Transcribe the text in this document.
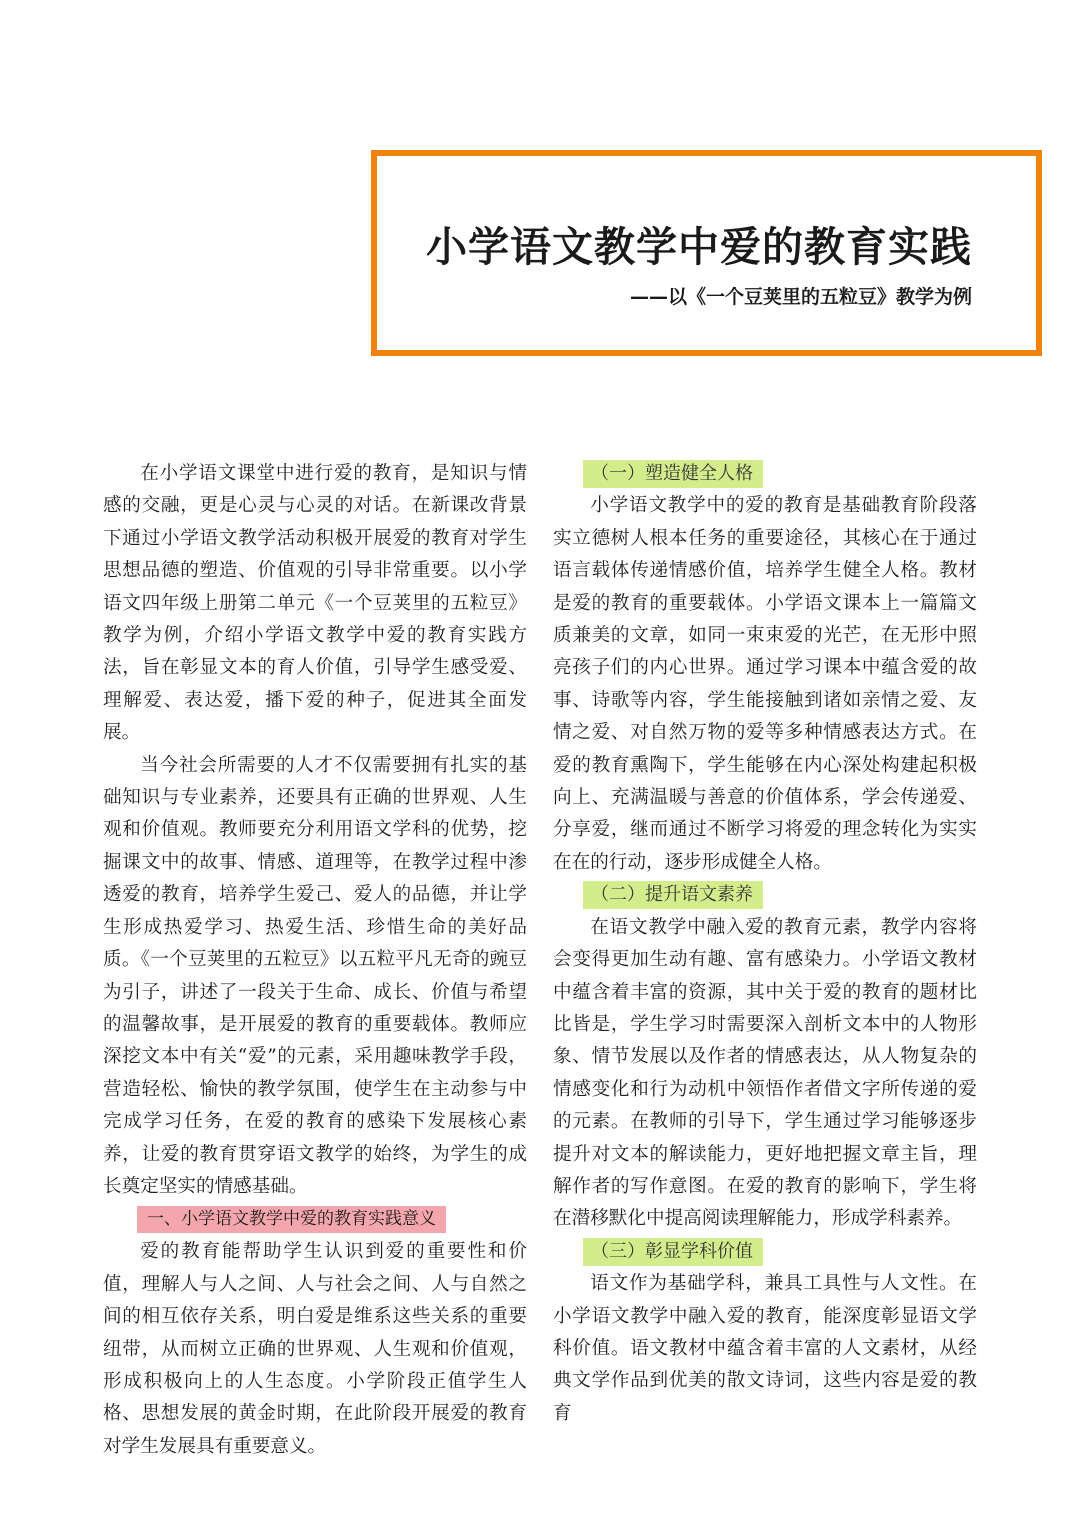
小学语文教学中爱的教育实践

——以《一个豆荚里的五粒豆》教学为例

在小学语文课堂中进行爱的教育，是知识与情感的交融，更是心灵与心灵的对话。在新课改背景下通过小学语文教学活动积极开展爱的教育对学生思想品德的塑造、价值观的引导非常重要。以小学语文四年级上册第二单元《一个豆荚里的五粒豆》教学为例，介绍小学语文教学中爱的教育实践方法，旨在彰显文本的育人价值，引导学生感受爱、理解爱、表达爱，播下爱的种子，促进其全面发展。

当今社会所需要的人才不仅需要拥有扎实的基础知识与专业素养，还要具有正确的世界观、人生观和价值观。教师要充分利用语文学科的优势，挖掘课文中的故事、情感、道理等，在教学过程中渗透爱的教育，培养学生爱己、爱人的品德，并让学生形成热爱学习、热爱生活、珍惜生命的美好品质。《一个豆荚里的五粒豆》以五粒平凡无奇的豌豆为引子，讲述了一段关于生命、成长、价值与希望的温馨故事，是开展爱的教育的重要载体。教师应深挖文本中有关“爱”的元素，采用趣味教学手段，营造轻松、愉快的教学氛围，使学生在主动参与中完成学习任务，在爱的教育的感染下发展核心素养，让爱的教育贯穿语文教学的始终，为学生的成长奠定坚实的情感基础。

一、小学语文教学中爱的教育实践意义

爱的教育能帮助学生认识到爱的重要性和价值，理解人与人之间、人与社会之间、人与自然之间的相互依存关系，明白爱是维系这些关系的重要纽带，从而树立正确的世界观、人生观和价值观，形成积极向上的人生态度。小学阶段正值学生人格、思想发展的黄金时期，在此阶段开展爱的教育对学生发展具有重要意义。

（一）塑造健全人格

小学语文教学中的爱的教育是基础教育阶段落实立德树人根本任务的重要途径，其核心在于通过语言载体传递情感价值，培养学生健全人格。教材是爱的教育的重要载体。小学语文课本上一篇篇文质兼美的文章，如同一束束爱的光芒，在无形中照亮孩子们的内心世界。通过学习课本中蕴含爱的故事、诗歌等内容，学生能接触到诸如亲情之爱、友情之爱、对自然万物的爱等多种情感表达方式。在爱的教育熏陶下，学生能够在内心深处构建起积极向上、充满温暖与善意的价值体系，学会传递爱、分享爱，继而通过不断学习将爱的理念转化为实实在在的行动，逐步形成健全人格。

（二）提升语文素养

在语文教学中融入爱的教育元素，教学内容将会变得更加生动有趣、富有感染力。小学语文教材中蕴含着丰富的资源，其中关于爱的教育的题材比比皆是，学生学习时需要深入剖析文本中的人物形象、情节发展以及作者的情感表达，从人物复杂的情感变化和行为动机中领悟作者借文字所传递的爱的元素。在教师的引导下，学生通过学习能够逐步提升对文本的解读能力，更好地把握文章主旨，理解作者的写作意图。在爱的教育的影响下，学生将在潜移默化中提高阅读理解能力，形成学科素养。

（三）彰显学科价值

语文作为基础学科，兼具工具性与人文性。在小学语文教学中融入爱的教育，能深度彰显语文学科价值。语文教材中蕴含着丰富的人文素材，从经典文学作品到优美的散文诗词，这些内容是爱的教育
